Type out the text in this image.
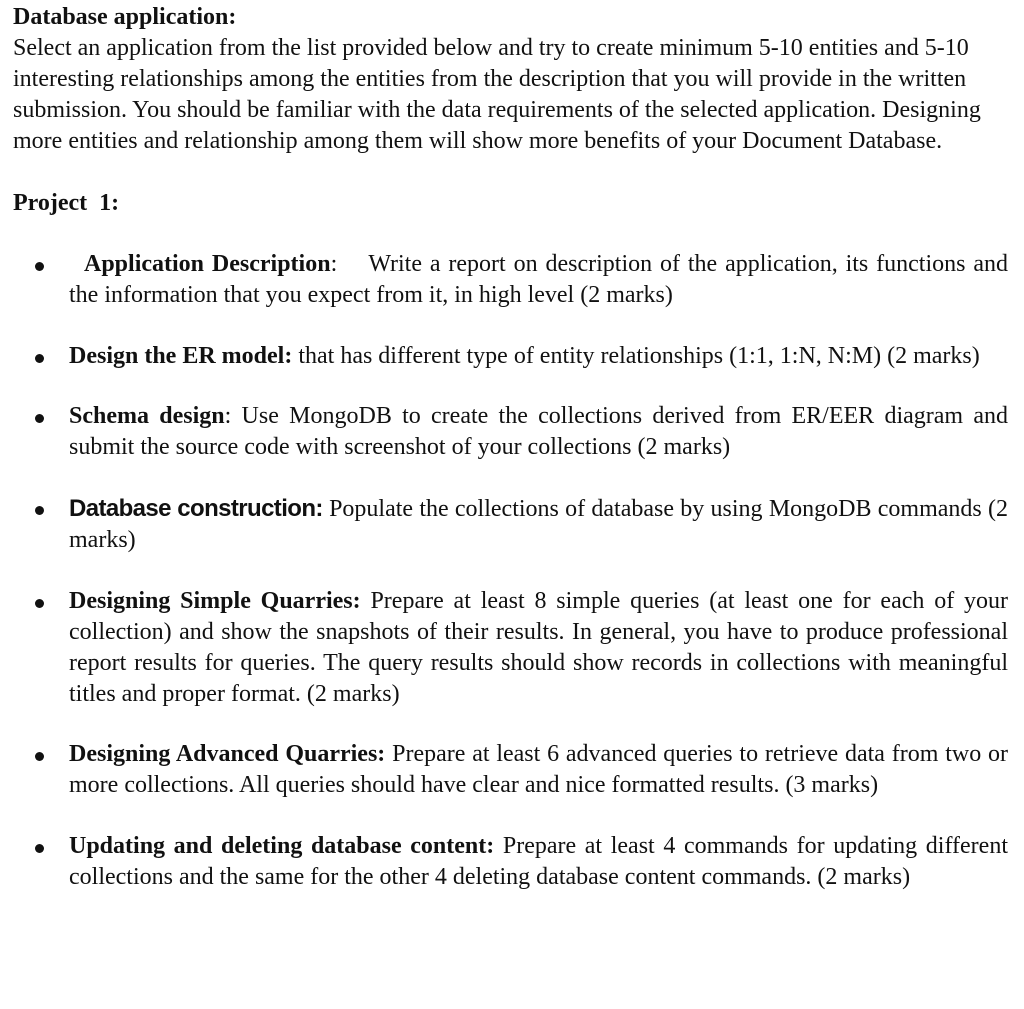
Database application:
Select an application from the list provided below and try to create minimum 5-10 entities and 5-10 interesting relationships among the entities from the description that you will provide in the written submission. You should be familiar with the data requirements of the selected application. Designing more entities and relationship among them will show more benefits of your Document Database.
Project 1:
Application Description: Write a report on description of the application, its functions and the information that you expect from it, in high level (2 marks)
Design the ER model: that has different type of entity relationships (1:1, 1:N, N:M) (2 marks)
Schema design: Use MongoDB to create the collections derived from ER/EER diagram and submit the source code with screenshot of your collections (2 marks)
Database construction: Populate the collections of database by using MongoDB commands (2 marks)
Designing Simple Quarries: Prepare at least 8 simple queries (at least one for each of your collection) and show the snapshots of their results. In general, you have to produce professional report results for queries. The query results should show records in collections with meaningful titles and proper format. (2 marks)
Designing Advanced Quarries: Prepare at least 6 advanced queries to retrieve data from two or more collections. All queries should have clear and nice formatted results. (3 marks)
Updating and deleting database content: Prepare at least 4 commands for updating different collections and the same for the other 4 deleting database content commands. (2 marks)
